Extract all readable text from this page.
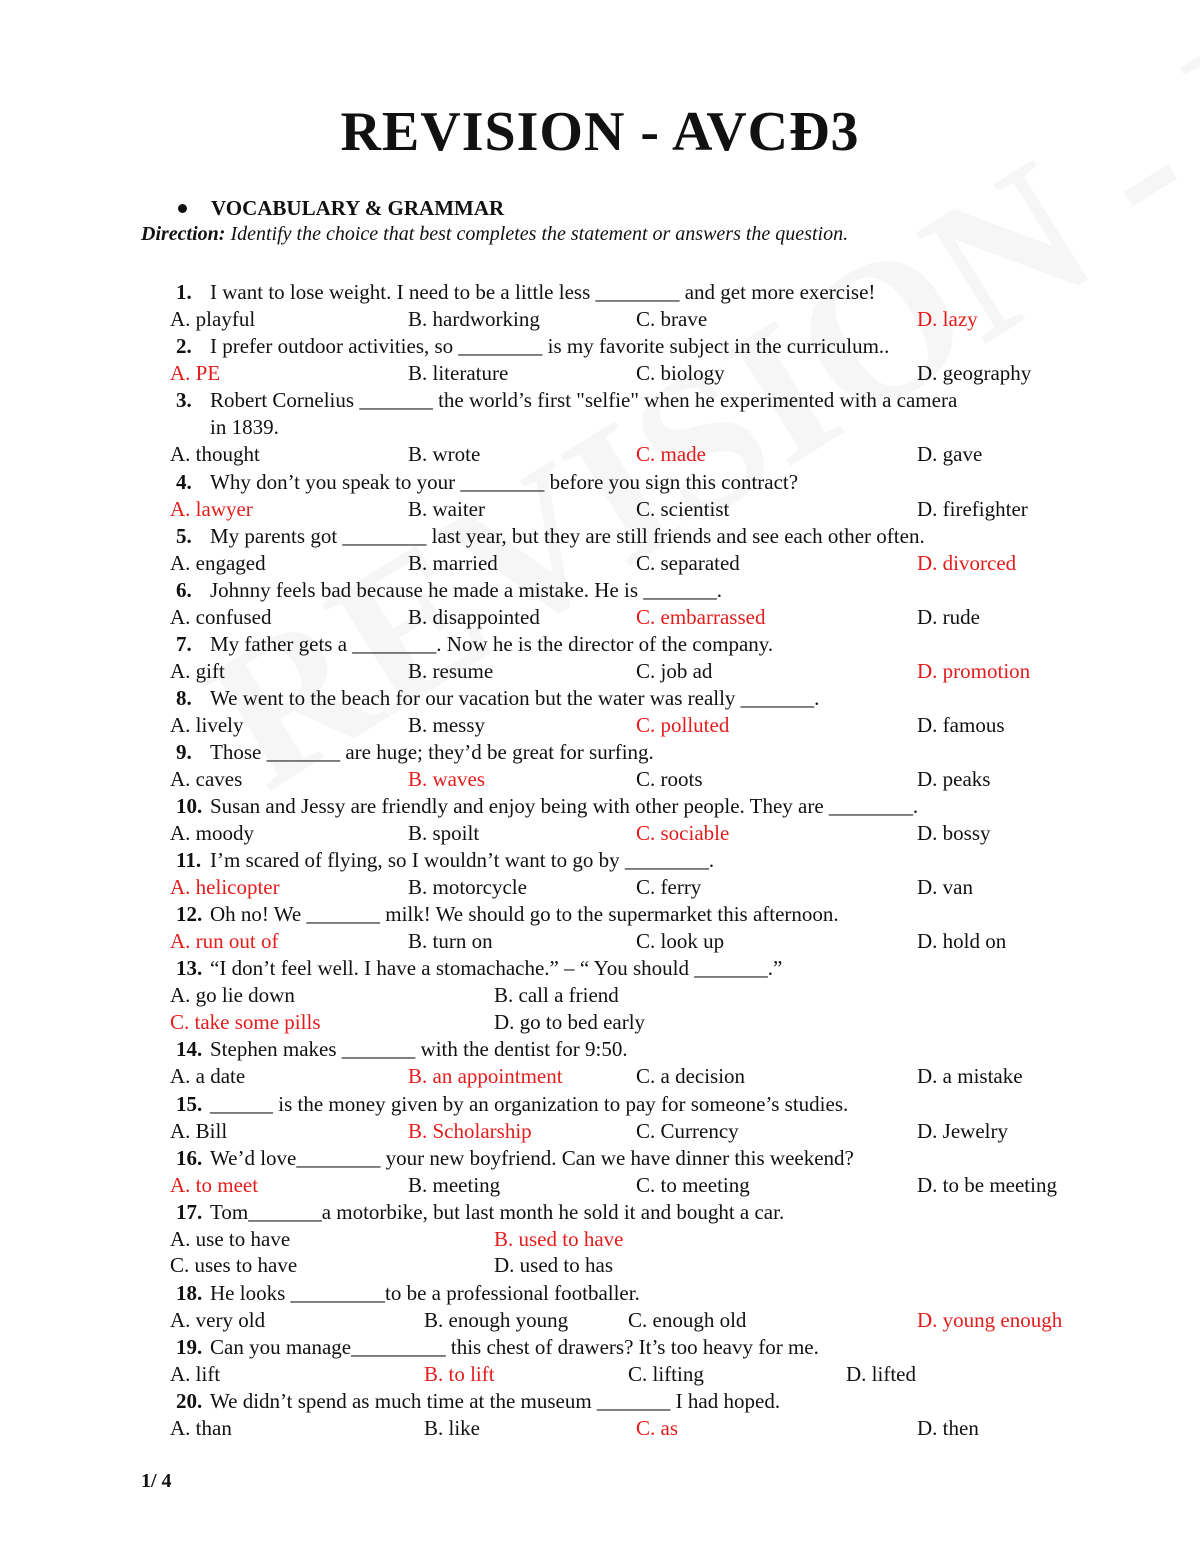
REVISION - AVCĐ3
VOCABULARY & GRAMMAR
Direction: Identify the choice that best completes the statement or answers the question.
1. I want to lose weight. I need to be a little less ________ and get more exercise!
A. playful	B. hardworking	C. brave	D. lazy
2. I prefer outdoor activities, so ________ is my favorite subject in the curriculum..
A. PE	B. literature	C. biology	D. geography
3. Robert Cornelius _______ the world’s first "selfie" when he experimented with a camera
in 1839.
A. thought	B. wrote	C. made	D. gave
4. Why don’t you speak to your ________ before you sign this contract?
A. lawyer	B. waiter	C. scientist	D. firefighter
5. My parents got ________ last year, but they are still friends and see each other often.
A. engaged	B. married	C. separated	D. divorced
6. Johnny feels bad because he made a mistake. He is _______.
A. confused	B. disappointed	C. embarrassed	D. rude
7. My father gets a ________. Now he is the director of the company.
A. gift	B. resume	C. job ad	D. promotion
8. We went to the beach for our vacation but the water was really _______.
A. lively	B. messy	C. polluted	D. famous
9. Those _______ are huge; they’d be great for surfing.
A. caves	B. waves	C. roots	D. peaks
10. Susan and Jessy are friendly and enjoy being with other people. They are ________.
A. moody	B. spoilt	C. sociable	D. bossy
11. I’m scared of flying, so I wouldn’t want to go by ________.
A. helicopter	B. motorcycle	C. ferry	D. van
12. Oh no! We _______ milk! We should go to the supermarket this afternoon.
A. run out of	B. turn on	C. look up	D. hold on
13. “I don’t feel well. I have a stomachache.” – “ You should _______.”
A. go lie down	B. call a friend
C. take some pills	D. go to bed early
14. Stephen makes _______ with the dentist for 9:50.
A. a date	B. an appointment	C. a decision	D. a mistake
15. ______ is the money given by an organization to pay for someone’s studies.
A. Bill	B. Scholarship	C. Currency	D. Jewelry
16. We’d love________ your new boyfriend. Can we have dinner this weekend?
A. to meet	B. meeting	C. to meeting	D. to be meeting
17. Tom_______a motorbike, but last month he sold it and bought a car.
A. use to have	B. used to have
C. uses to have	D. used to has
18. He looks _________to be a professional footballer.
A. very old	B. enough young	C. enough old	D. young enough
19. Can you manage_________ this chest of drawers? It’s too heavy for me.
A. lift	B. to lift	C. lifting	D. lifted
20. We didn’t spend as much time at the museum _______ I had hoped.
A. than	B. like	C. as	D. then
1/ 4
